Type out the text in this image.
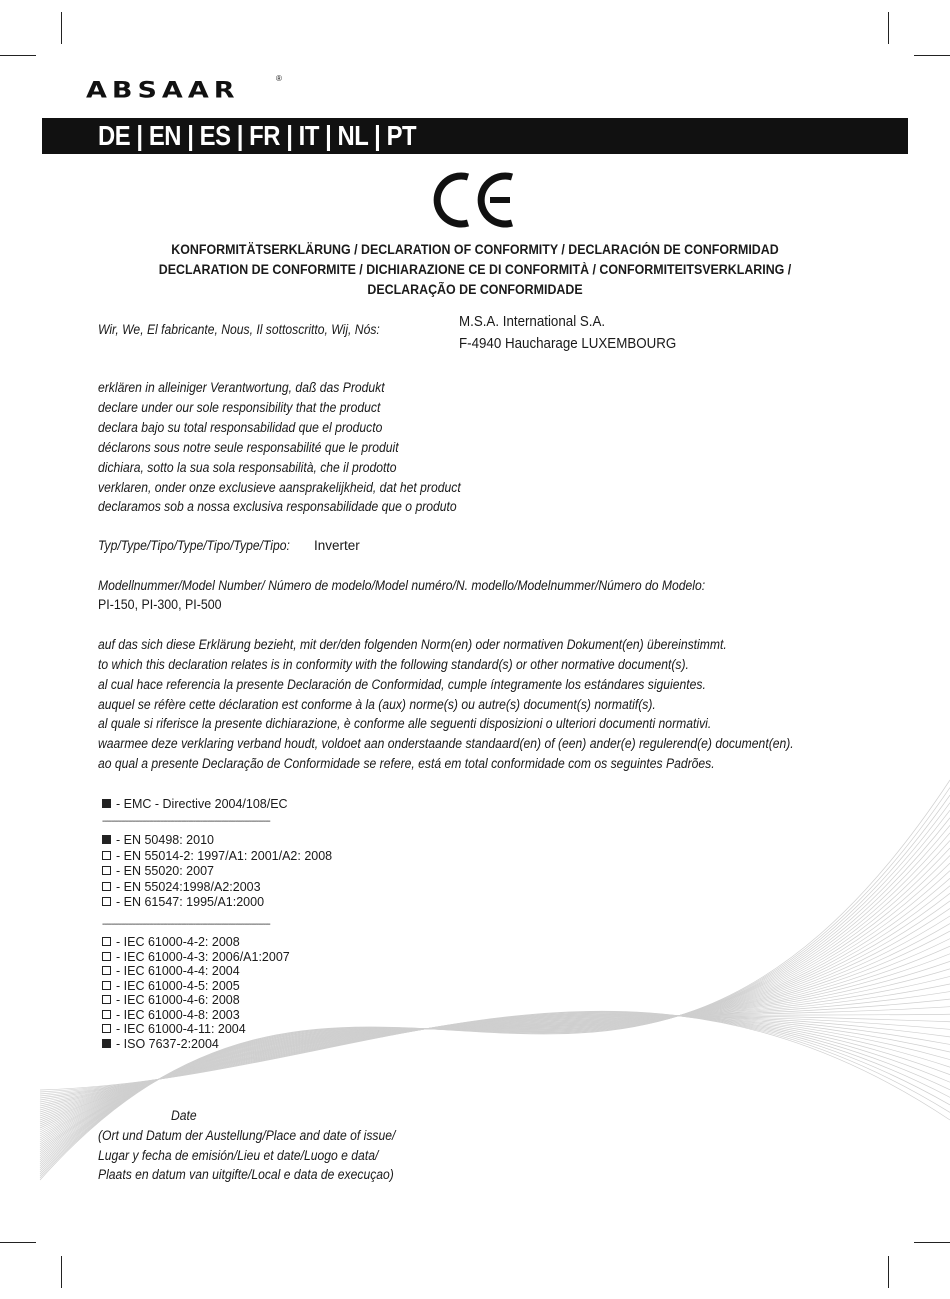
ABSAAR	®
DE | EN | ES | FR | IT | NL | PT
KONFORMITÄTSERKLÄRUNG / DECLARATION OF CONFORMITY / DECLARACIÓN DE CONFORMIDAD
DECLARATION DE CONFORMITE / DICHIARAZIONE CE DI CONFORMITÀ / CONFORMITEITSVERKLARING /
DECLARAÇÃO DE CONFORMIDADE
Wir, We, El fabricante, Nous, Il sottoscritto, Wij, Nós:	M.S.A. International S.A.
F-4940 Haucharage LUXEMBOURG
erklären in alleiniger Verantwortung, daß das Produkt
declare under our sole responsibility that the product
declara bajo su total responsabilidad que el producto
déclarons sous notre seule responsabilité que le produit
dichiara, sotto la sua sola responsabilità, che il prodotto
verklaren, onder onze exclusieve aansprakelijkheid, dat het product
declaramos sob a nossa exclusiva responsabilidade que o produto
Typ/Type/Tipo/Type/Tipo/Type/Tipo: Inverter
Modellnummer/Model Number/ Número de modelo/Model numéro/N. modello/Modelnummer/Número do Modelo:
PI-150, PI-300, PI-500
auf das sich diese Erklärung bezieht, mit der/den folgenden Norm(en) oder normativen Dokument(en) übereinstimmt.
to which this declaration relates is in conformity with the following standard(s) or other normative document(s).
al cual hace referencia la presente Declaración de Conformidad, cumple íntegramente los estándares siguientes.
auquel se réfère cette déclaration est conforme à la (aux) norme(s) ou autre(s) document(s) normatif(s).
al quale si riferisce la presente dichiarazione, è conforme alle seguenti disposizioni o ulteriori documenti normativi.
waarmee deze verklaring verband houdt, voldoet aan onderstaande standaard(en) of (een) ander(e) regulerend(e) document(en).
ao qual a presente Declaração de Conformidade se refere, está em total conformidade com os seguintes Padrões.
- EMC - Directive 2004/108/EC
------------------------------------------------------------------------
- EN 50498: 2010
- EN 55014-2: 1997/A1: 2001/A2: 2008
- EN 55020: 2007
- EN 55024:1998/A2:2003
- EN 61547: 1995/A1:2000
------------------------------------------------------------------------
- IEC 61000-4-2: 2008
- IEC 61000-4-3: 2006/A1:2007
- IEC 61000-4-4: 2004
- IEC 61000-4-5: 2005
- IEC 61000-4-6: 2008
- IEC 61000-4-8: 2003
- IEC 61000-4-11: 2004
- ISO 7637-2:2004
Date
(Ort und Datum der Austellung/Place and date of issue/
Lugar y fecha de emisión/Lieu et date/Luogo e data/
Plaats en datum van uitgifte/Local e data de execuçao)
